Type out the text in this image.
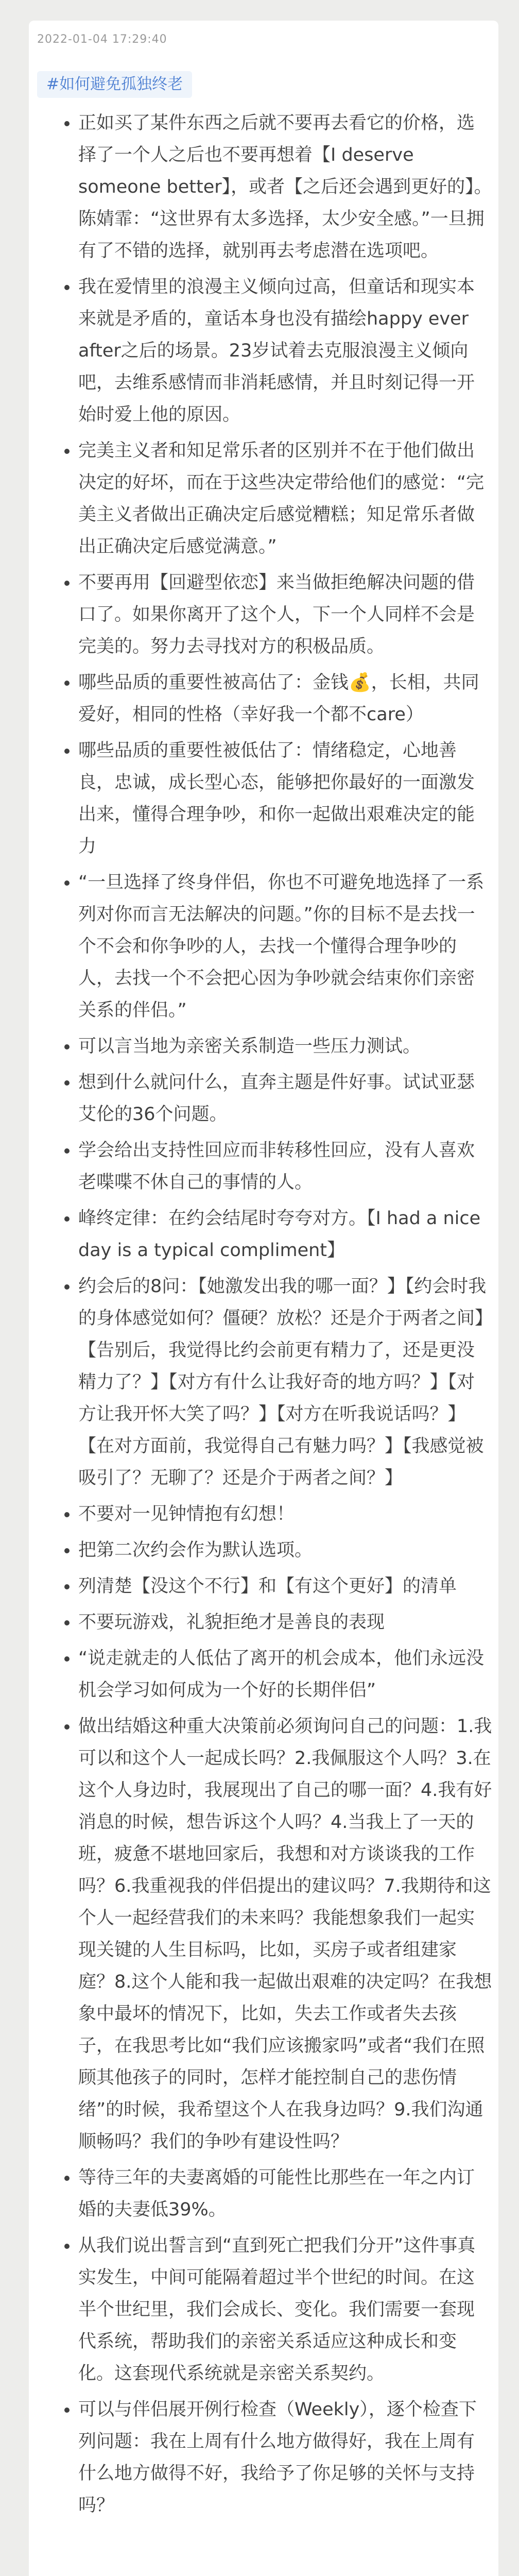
2022-01-04 17:29:40
#如何避免孤独终老

• 正如买了某件东西之后就不要再去看它的价格，选择了一个人之后也不要再想着【I deserve someone better】，或者【之后还会遇到更好的】。陈婧霏：“这世界有太多选择，太少安全感。”一旦拥有了不错的选择，就别再去考虑潜在选项吧。

• 我在爱情里的浪漫主义倾向过高，但童话和现实本来就是矛盾的，童话本身也没有描绘happy ever after之后的场景。23岁试着去克服浪漫主义倾向吧，去维系感情而非消耗感情，并且时刻记得一开始时爱上他的原因。

• 完美主义者和知足常乐者的区别并不在于他们做出决定的好坏，而在于这些决定带给他们的感觉：“完美主义者做出正确决定后感觉糟糕；知足常乐者做出正确决定后感觉满意。”

• 不要再用【回避型依恋】来当做拒绝解决问题的借口了。如果你离开了这个人，下一个人同样不会是完美的。努力去寻找对方的积极品质。

• 哪些品质的重要性被高估了：金钱💰，长相，共同爱好，相同的性格（幸好我一个都不care）

• 哪些品质的重要性被低估了：情绪稳定，心地善良，忠诚，成长型心态，能够把你最好的一面激发出来，懂得合理争吵，和你一起做出艰难决定的能力

• “一旦选择了终身伴侣，你也不可避免地选择了一系列对你而言无法解决的问题。”你的目标不是去找一个不会和你争吵的人，去找一个懂得合理争吵的人，去找一个不会把心因为争吵就会结束你们亲密关系的伴侣。”

• 可以言当地为亲密关系制造一些压力测试。

• 想到什么就问什么，直奔主题是件好事。试试亚瑟艾伦的36个问题。

• 学会给出支持性回应而非转移性回应，没有人喜欢老喋喋不休自己的事情的人。

• 峰终定律：在约会结尾时夸夸对方。【I had a nice day is a typical compliment】

• 约会后的8问：【她激发出我的哪一面？】【约会时我的身体感觉如何？僵硬？放松？还是介于两者之间】【告别后，我觉得比约会前更有精力了，还是更没精力了？】【对方有什么让我好奇的地方吗？】【对方让我开怀大笑了吗？】【对方在听我说话吗？】【在对方面前，我觉得自己有魅力吗？】【我感觉被吸引了？无聊了？还是介于两者之间？】

• 不要对一见钟情抱有幻想！

• 把第二次约会作为默认选项。

• 列清楚【没这个不行】和【有这个更好】的清单

• 不要玩游戏，礼貌拒绝才是善良的表现

• “说走就走的人低估了离开的机会成本，他们永远没机会学习如何成为一个好的长期伴侣”

• 做出结婚这种重大决策前必须询问自己的问题：1.我可以和这个人一起成长吗？2.我佩服这个人吗？3.在这个人身边时，我展现出了自己的哪一面？4.我有好消息的时候，想告诉这个人吗？4.当我上了一天的班，疲惫不堪地回家后，我想和对方谈谈我的工作吗？6.我重视我的伴侣提出的建议吗？7.我期待和这个人一起经营我们的未来吗？我能想象我们一起实现关键的人生目标吗，比如，买房子或者组建家庭？8.这个人能和我一起做出艰难的决定吗？在我想象中最坏的情况下，比如，失去工作或者失去孩子，在我思考比如“我们应该搬家吗”或者“我们在照顾其他孩子的同时，怎样才能控制自己的悲伤情绪”的时候，我希望这个人在我身边吗？9.我们沟通顺畅吗？我们的争吵有建设性吗？

• 等待三年的夫妻离婚的可能性比那些在一年之内订婚的夫妻低39%。

• 从我们说出誓言到“直到死亡把我们分开”这件事真实发生，中间可能隔着超过半个世纪的时间。在这半个世纪里，我们会成长、变化。我们需要一套现代系统，帮助我们的亲密关系适应这种成长和变化。这套现代系统就是亲密关系契约。

• 可以与伴侣展开例行检查（Weekly），逐个检查下列问题：我在上周有什么地方做得好，我在上周有什么地方做得不好，我给予了你足够的关怀与支持吗？
